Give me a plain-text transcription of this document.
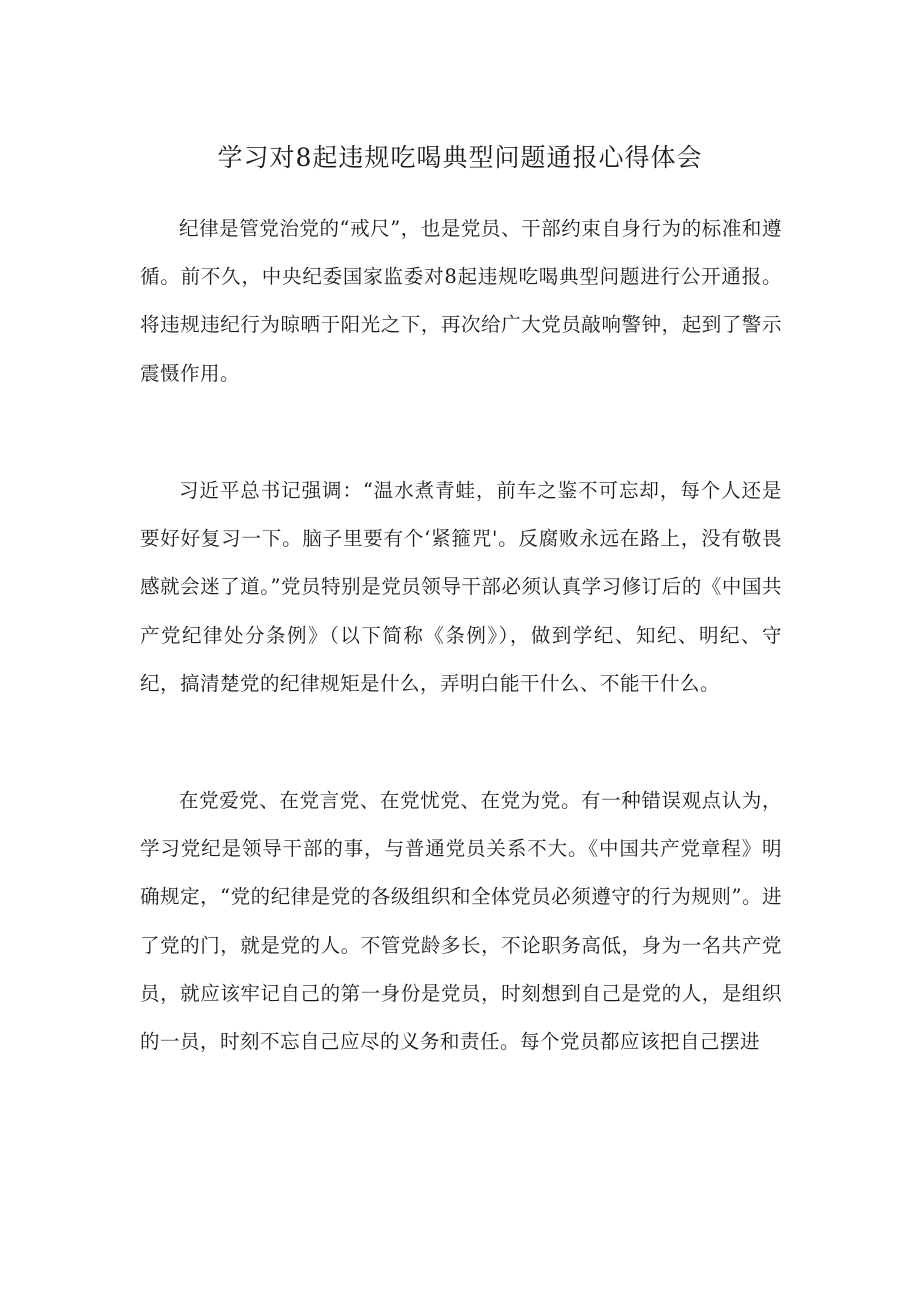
学习对8起违规吃喝典型问题通报心得体会

纪律是管党治党的“戒尺”，也是党员、干部约束自身行为的标准和遵循。前不久，中央纪委国家监委对8起违规吃喝典型问题进行公开通报。将违规违纪行为晾晒于阳光之下，再次给广大党员敲响警钟，起到了警示震慑作用。

习近平总书记强调：“温水煮青蛙，前车之鉴不可忘却，每个人还是要好好复习一下。脑子里要有个‘紧箍咒'。反腐败永远在路上，没有敬畏感就会迷了道。”党员特别是党员领导干部必须认真学习修订后的《中国共产党纪律处分条例》（以下简称《条例》），做到学纪、知纪、明纪、守纪，搞清楚党的纪律规矩是什么，弄明白能干什么、不能干什么。

在党爱党、在党言党、在党忧党、在党为党。有一种错误观点认为，学习党纪是领导干部的事，与普通党员关系不大。《中国共产党章程》明确规定，“党的纪律是党的各级组织和全体党员必须遵守的行为规则”。进了党的门，就是党的人。不管党龄多长，不论职务高低，身为一名共产党员，就应该牢记自己的第一身份是党员，时刻想到自己是党的人，是组织的一员，时刻不忘自己应尽的义务和责任。每个党员都应该把自己摆进
